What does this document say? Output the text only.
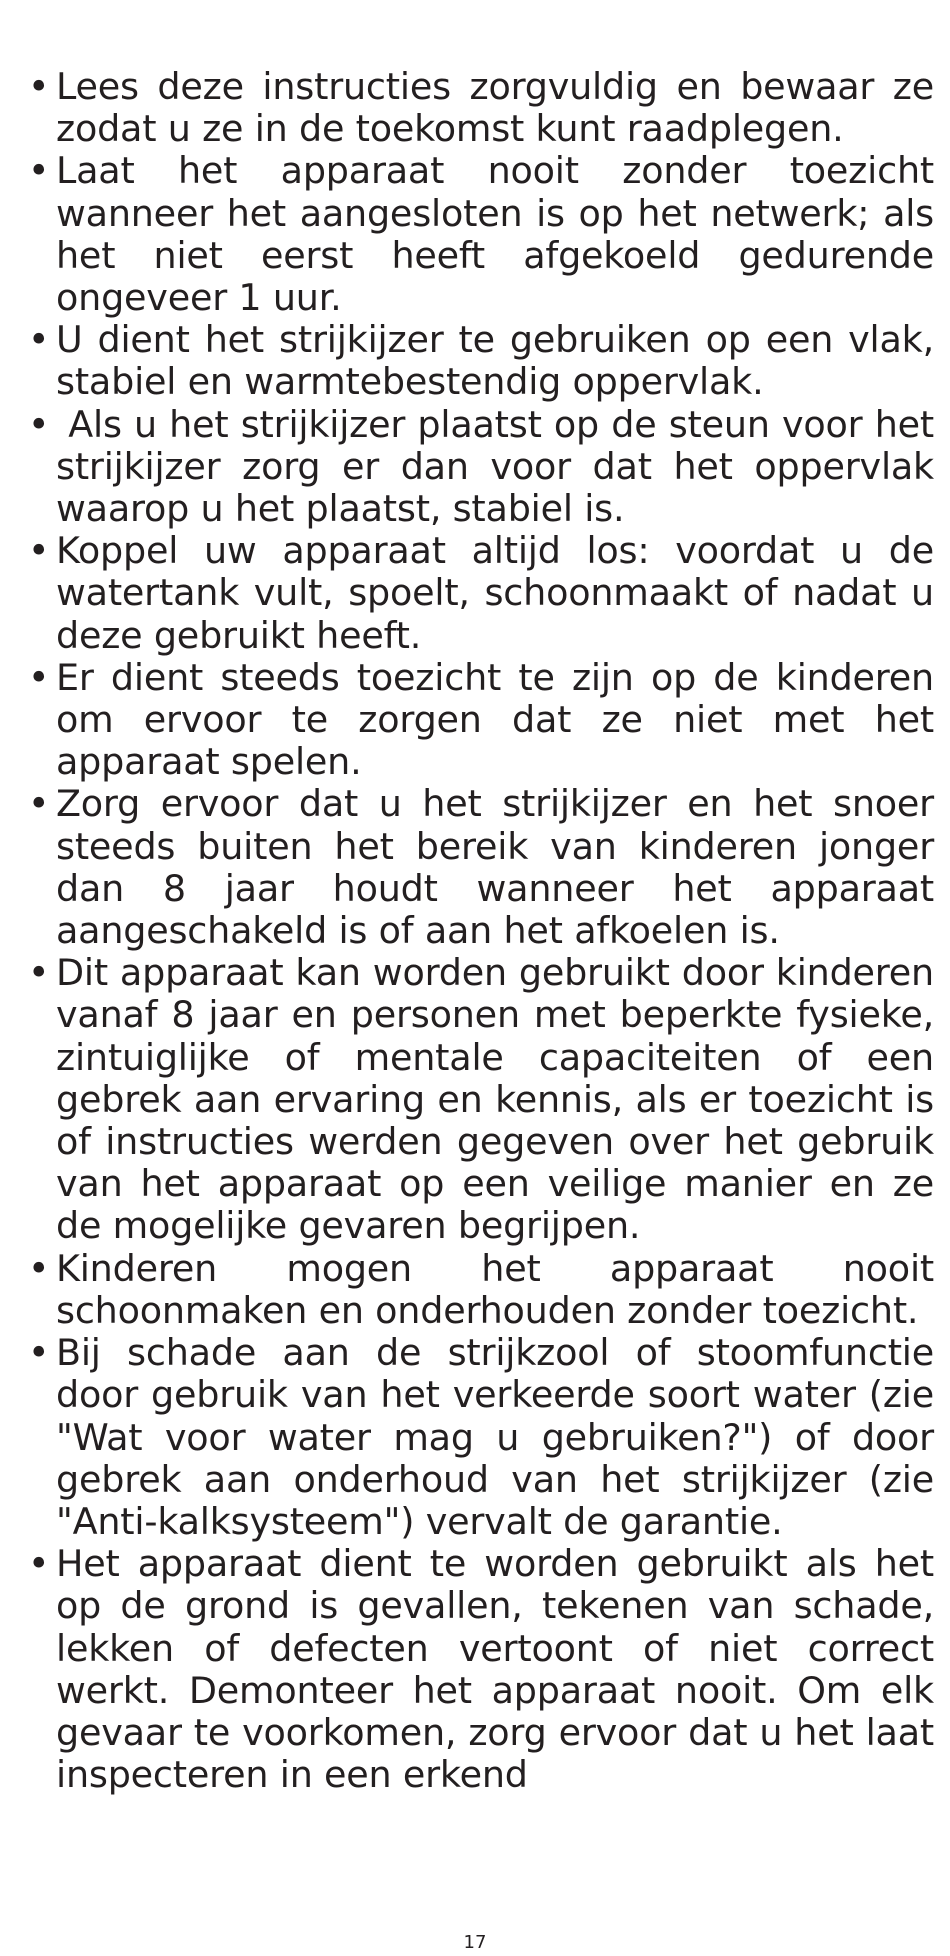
• Lees deze instructies zorgvuldig en bewaar ze zodat u ze in de toekomst kunt raadplegen.
• Laat het apparaat nooit zonder toezicht wanneer het aangesloten is op het netwerk; als het niet eerst heeft afgekoeld gedurende ongeveer 1 uur.
• U dient het strijkijzer te gebruiken op een vlak, stabiel en warmtebestendig oppervlak.
• Als u het strijkijzer plaatst op de steun voor het strijkijzer zorg er dan voor dat het oppervlak waarop u het plaatst, stabiel is.
• Koppel uw apparaat altijd los: voordat u de watertank vult, spoelt, schoonmaakt of nadat u deze gebruikt heeft.
• Er dient steeds toezicht te zijn op de kinderen om ervoor te zorgen dat ze niet met het apparaat spelen.
• Zorg ervoor dat u het strijkijzer en het snoer steeds buiten het bereik van kinderen jonger dan 8 jaar houdt wanneer het apparaat aangeschakeld is of aan het afkoelen is.
• Dit apparaat kan worden gebruikt door kinderen vanaf 8 jaar en personen met beperkte fysieke, zintuiglijke of mentale capaciteiten of een gebrek aan ervaring en kennis, als er toezicht is of instructies werden gegeven over het gebruik van het apparaat op een veilige manier en ze de mogelijke gevaren begrijpen.
• Kinderen mogen het apparaat nooit schoonmaken en onderhouden zonder toezicht.
• Bij schade aan de strijkzool of stoomfunctie door gebruik van het verkeerde soort water (zie "Wat voor water mag u gebruiken?") of door gebrek aan onderhoud van het strijkijzer (zie "Anti-kalksysteem") vervalt de garantie.
• Het apparaat dient te worden gebruikt als het op de grond is gevallen, tekenen van schade, lekken of defecten vertoont of niet correct werkt. Demonteer het apparaat nooit. Om elk gevaar te voorkomen, zorg ervoor dat u het laat inspecteren in een erkend
17
